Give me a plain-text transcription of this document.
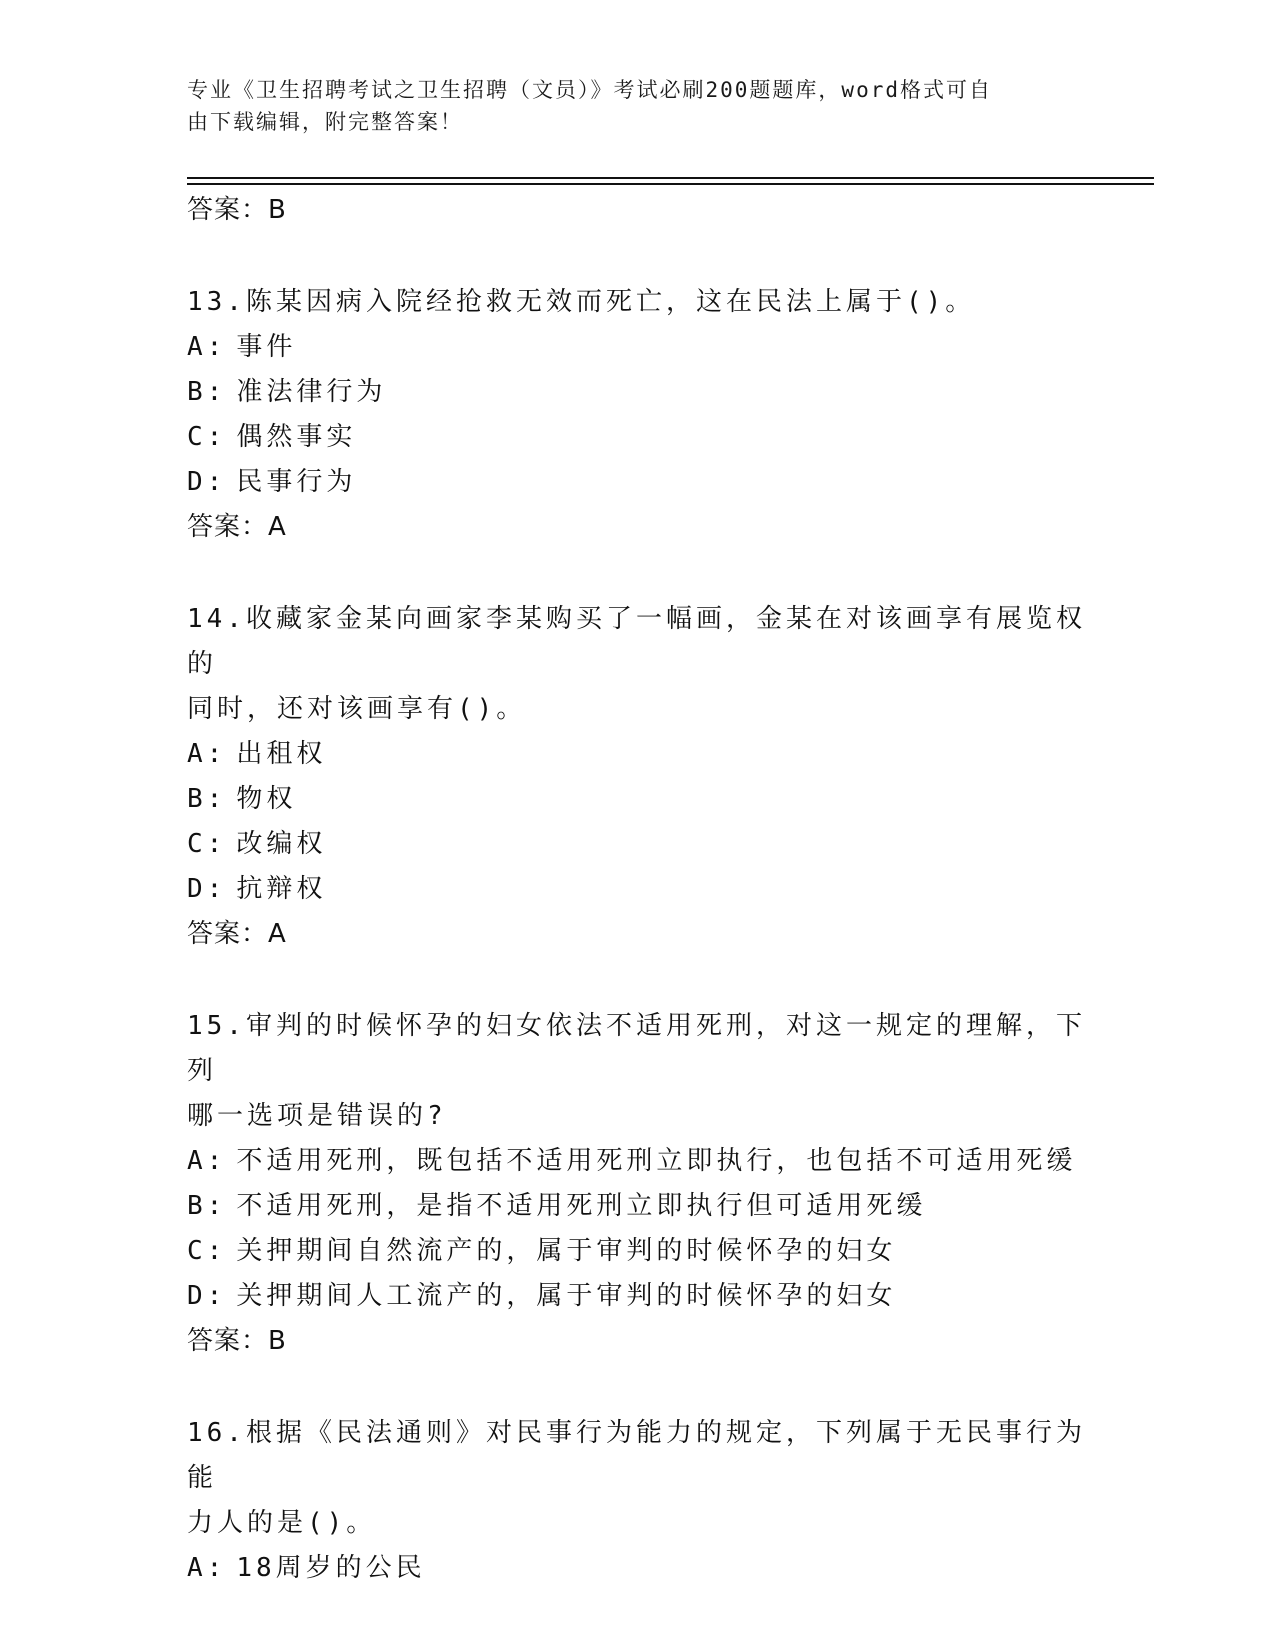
专业《卫生招聘考试之卫生招聘（文员）》考试必刷200题题库，word格式可自
由下载编辑，附完整答案！
答案：B
13.陈某因病入院经抢救无效而死亡，这在民法上属于()。
A: 事件
B: 准法律行为
C: 偶然事实
D: 民事行为
答案：A
14.收藏家金某向画家李某购买了一幅画，金某在对该画享有展览权的
同时，还对该画享有()。
A: 出租权
B: 物权
C: 改编权
D: 抗辩权
答案：A
15.审判的时候怀孕的妇女依法不适用死刑，对这一规定的理解，下列
哪一选项是错误的?
A: 不适用死刑，既包括不适用死刑立即执行，也包括不可适用死缓
B: 不适用死刑，是指不适用死刑立即执行但可适用死缓
C: 关押期间自然流产的，属于审判的时候怀孕的妇女
D: 关押期间人工流产的，属于审判的时候怀孕的妇女
答案：B
16.根据《民法通则》对民事行为能力的规定，下列属于无民事行为能
力人的是()。
A: 18周岁的公民
